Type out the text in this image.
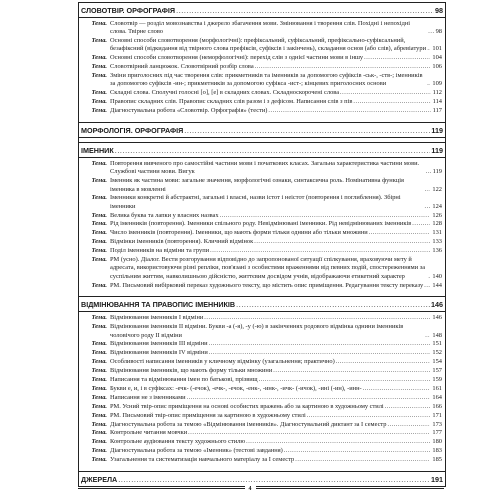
СЛОВОТВІР. ОРФОГРАФІЯ .....	98
Тема. Словотвір — розділ мовознавства і джерело збагачення мови. Змінювання і творення слів. Похідні і непохідні слова. Твірне слово .....	98
Тема. Основні способи словотворення (морфологічні): префіксальний, суфіксальний, префіксально-суфіксальний, безафіксний (відкидання від твірного слова префіксів, суфіксів і закінчень), складання основ (або слів), абревіатури ..... 101
Тема. Основні способи словотворення (неморфологічні): перехід слів з однієї частини мови в іншу .....	104
Тема. Словотвірний ланцюжок. Словотвірний розбір слова .....	106
Тема. Зміни приголосних під час творення слів: прикметників та іменників за допомогою суфіксів -ськ-, -ств-; іменників за допомогою суфіксів -ин-; прикметників за допомогою суфікса -ист-; кінцевих приголосних основи .....	109
Тема. Складні слова. Сполучні голосні [о], [е] в складних словах. Складноскорочені слова .....	112
Тема. Правопис складних слів. Правопис складних слів разом і з дефісом. Написання слів з пів .....	114
Тема. Діагностувальна робота «Словотвір. Орфографія» (тести) .....	117
МОРФОЛОГІЯ. ОРФОГРАФІЯ .....	119
ІМЕННИК .....	119
Тема. Повторення вивченого про самостійні частини мови і початкових класах. Загальна характеристика частини мови. Службові частини мови. Вигук .....	119
Тема. Іменник як частина мови: загальне значення, морфологічні ознаки, синтаксична роль. Номінативна функція іменника в мовленні .....	122
Тема. Іменники конкретні й абстрактні, загальні і власні, назви істот і неістот (повторення і поглиблення). Збірні іменники .....	124
Тема. Велика буква та лапки у власних назвах .....	126
Тема. Рід іменників (повторення). Іменники спільного роду. Невідмінювані іменники. Рід невідмінюваних іменників .....	128
Тема. Число іменників (повторення). Іменники, що мають форми тільки однини або тільки множини .....	131
Тема. Відмінки іменників (повторення). Кличний відмінок .....	133
Тема. Поділ іменників на відміни та групи .....	136
Тема. РМ (усно). Діалог. Вести розгорування відповідно до запропонованої ситуації спілкування, враховуючи мету й адресата, використовуючи різні репліки, пов'язані з особистими враженнями від певних подій, спостереженнями за суспільним життям, навколишньою дійсністю, життєвим досвідом учнів, відображаючи етикетний характер .....	140
Тема. РМ. Письмовий вибірковий переказ художнього тексту, що містить опис приміщення. Редагування тексту переказу ..... 144
ВІДМІНЮВАННЯ ТА ПРАВОПИС ІМЕННИКІВ .....	146
Тема. Відмінювання іменників I відміни .....	146
Тема. Відмінювання іменників II відміни. Букви -а (-я), -у (-ю) в закінченнях родового відмінка однини іменників чоловічого роду II відміни .....	148
Тема. Відмінювання іменників III відміни .....	151
Тема. Відмінювання іменників IV відміни .....	152
Тема. Особливості написання іменників у кличному відмінку (узагальнення; практично) .....	154
Тема. Відмінювання іменників, що мають форму тільки множини .....	157
Тема. Написання та відмінювання імен по батькові, прізвищ .....	159
Тема. Букви е, и, і в суфіксах: -ечк- (-ечок), -ечк-, -ечок, -енк-, -инк-, -ичк- (-ичок), -ині (-ин), -инн- .....	161
Тема. Написання не з іменниками .....	164
Тема. РМ. Усний твір-опис приміщення на основі особистих вражень або за картиною в художньому стилі .....	166
Тема. РМ. Письмовий твір-опис приміщення за картиною в художньому стилі .....	171
Тема. Діагностувальна робота за темою «Відмінювання іменників». Діагностувальний диктант за I семестр .....	173
Тема. Контрольне читання мовчки .....	177
Тема. Контрольне аудіювання тексту художнього стилю .....	180
Тема. Діагностувальна робота за темою «Іменник» (тестові завдання) .....	183
Тема. Узагальнення та систематизація навчального матеріалу за I семестр .....	185
ДЖЕРЕЛА .....	191
4
